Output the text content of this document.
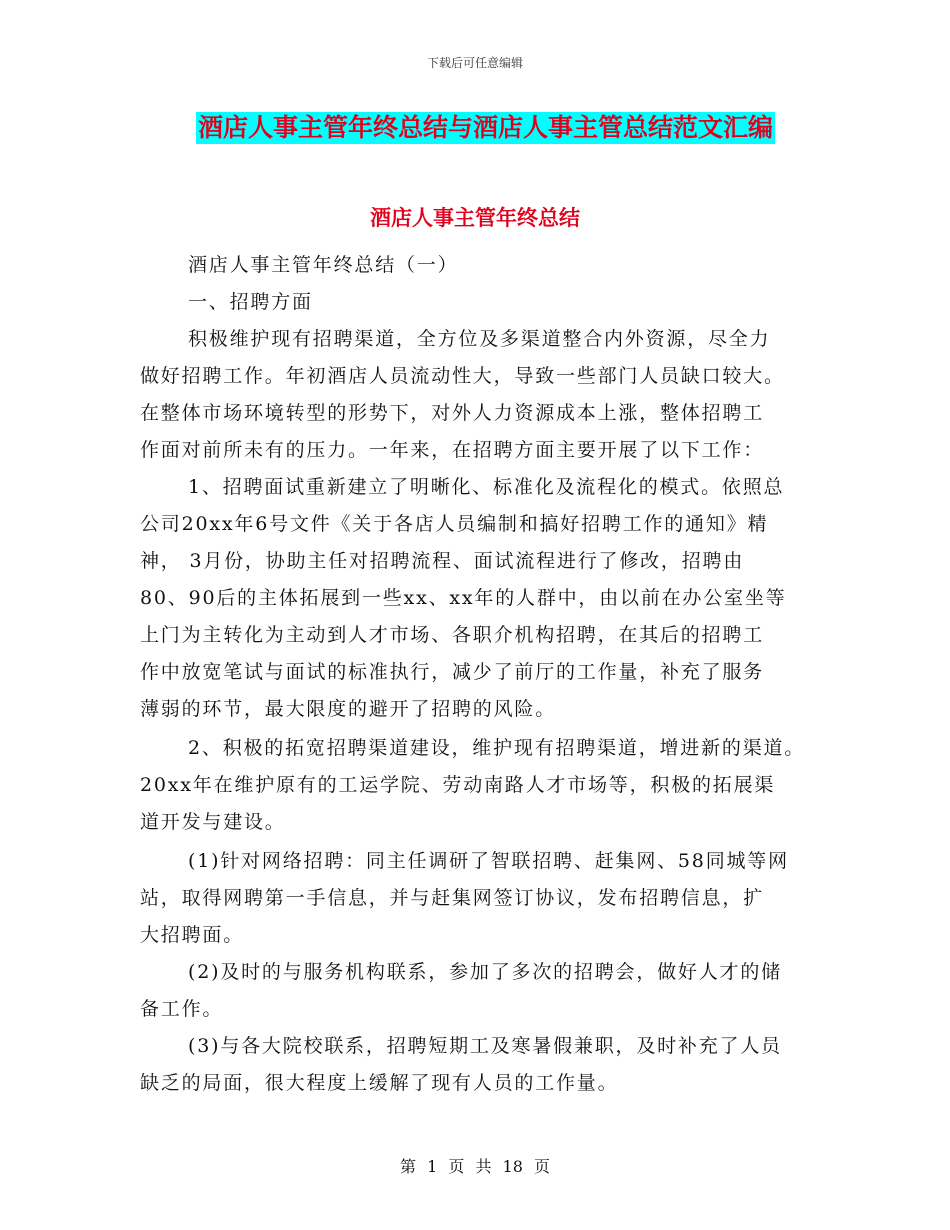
下载后可任意编辑
酒店人事主管年终总结与酒店人事主管总结范文汇编
酒店人事主管年终总结
酒店人事主管年终总结（一）
一、招聘方面
积极维护现有招聘渠道，全方位及多渠道整合内外资源，尽全力
做好招聘工作。年初酒店人员流动性大，导致一些部门人员缺口较大。
在整体市场环境转型的形势下，对外人力资源成本上涨，整体招聘工
作面对前所未有的压力。一年来，在招聘方面主要开展了以下工作：
1、招聘面试重新建立了明晰化、标准化及流程化的模式。依照总
公司20xx年6号文件《关于各店人员编制和搞好招聘工作的通知》精
神， 3月份，协助主任对招聘流程、面试流程进行了修改，招聘由
80、90后的主体拓展到一些xx、xx年的人群中，由以前在办公室坐等
上门为主转化为主动到人才市场、各职介机构招聘，在其后的招聘工
作中放宽笔试与面试的标准执行，减少了前厅的工作量，补充了服务
薄弱的环节，最大限度的避开了招聘的风险。
2、积极的拓宽招聘渠道建设，维护现有招聘渠道，增进新的渠道。
20xx年在维护原有的工运学院、劳动南路人才市场等，积极的拓展渠
道开发与建设。
(1)针对网络招聘：同主任调研了智联招聘、赶集网、58同城等网
站，取得网聘第一手信息，并与赶集网签订协议，发布招聘信息，扩
大招聘面。
(2)及时的与服务机构联系，参加了多次的招聘会，做好人才的储
备工作。
(3)与各大院校联系，招聘短期工及寒暑假兼职，及时补充了人员
缺乏的局面，很大程度上缓解了现有人员的工作量。
第 1 页 共 18 页
